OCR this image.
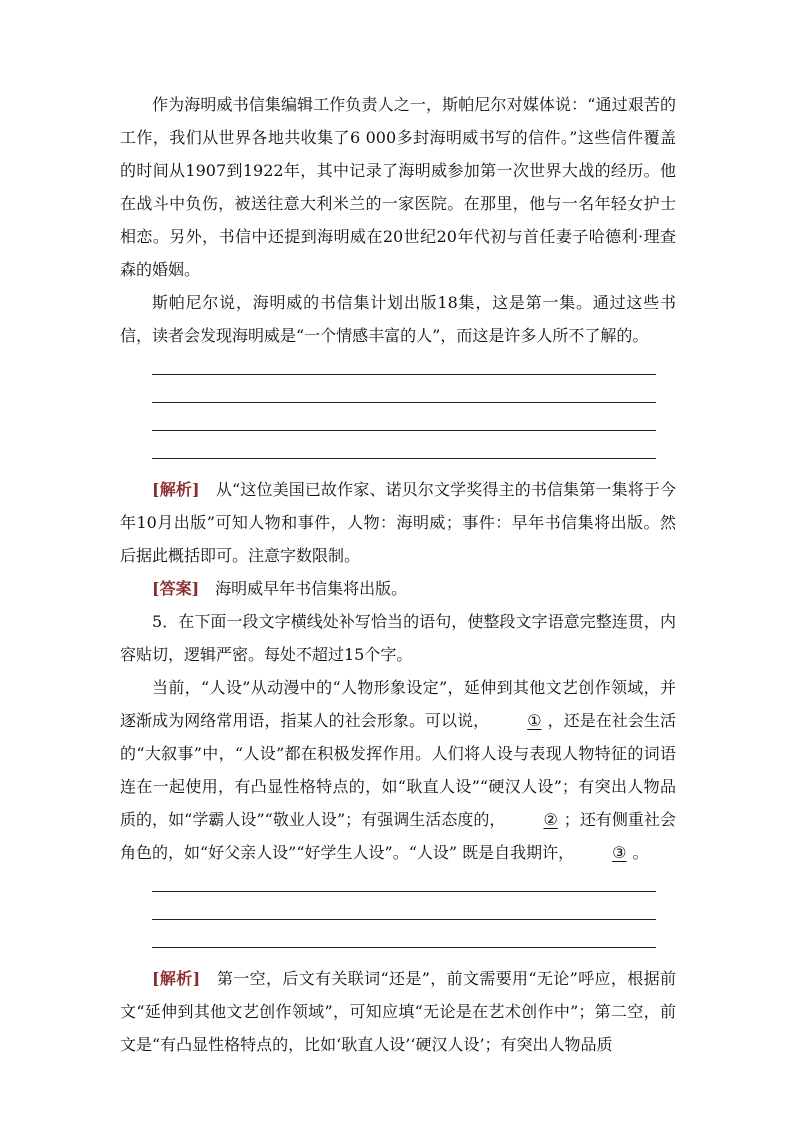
作为海明威书信集编辑工作负责人之一，斯帕尼尔对媒体说：“通过艰苦的工作，我们从世界各地共收集了6 000多封海明威书写的信件。”这些信件覆盖的时间从1907到1922年，其中记录了海明威参加第一次世界大战的经历。他在战斗中负伤，被送往意大利米兰的一家医院。在那里，他与一名年轻女护士相恋。另外，书信中还提到海明威在20世纪20年代初与首任妻子哈德利·理查森的婚姻。

斯帕尼尔说，海明威的书信集计划出版18集，这是第一集。通过这些书信，读者会发现海明威是“一个情感丰富的人”，而这是许多人所不了解的。

[解析]　 从“这位美国已故作家、诺贝尔文学奖得主的书信集第一集将于今年10月出版”可知人物和事件，人物：海明威；事件：早年书信集将出版。然后据此概括即可。注意字数限制。

[答案]　 海明威早年书信集将出版。

5．在下面一段文字横线处补写恰当的语句，使整段文字语意完整连贯，内容贴切，逻辑严密。每处不超过15个字。

当前，“人设”从动漫中的“人物形象设定”，延伸到其他文艺创作领域，并逐渐成为网络常用语，指某人的社会形象。可以说， ① ，还是在社会生活的“大叙事”中，“人设”都在积极发挥作用。人们将人设与表现人物特征的词语连在一起使用，有凸显性格特点的，如“耿直人设”“硬汉人设”；有突出人物品质的，如“学霸人设”“敬业人设”；有强调生活态度的， ② ；还有侧重社会角色的，如“好父亲人设”“好学生人设”。“人设” 既是自我期许， ③ 。

[解析]　 第一空，后文有关联词“还是”，前文需要用“无论”呼应，根据前文“延伸到其他文艺创作领域”，可知应填“无论是在艺术创作中”；第二空，前文是“有凸显性格特点的，比如‘耿直人设’‘硬汉人设’；有突出人物品质
